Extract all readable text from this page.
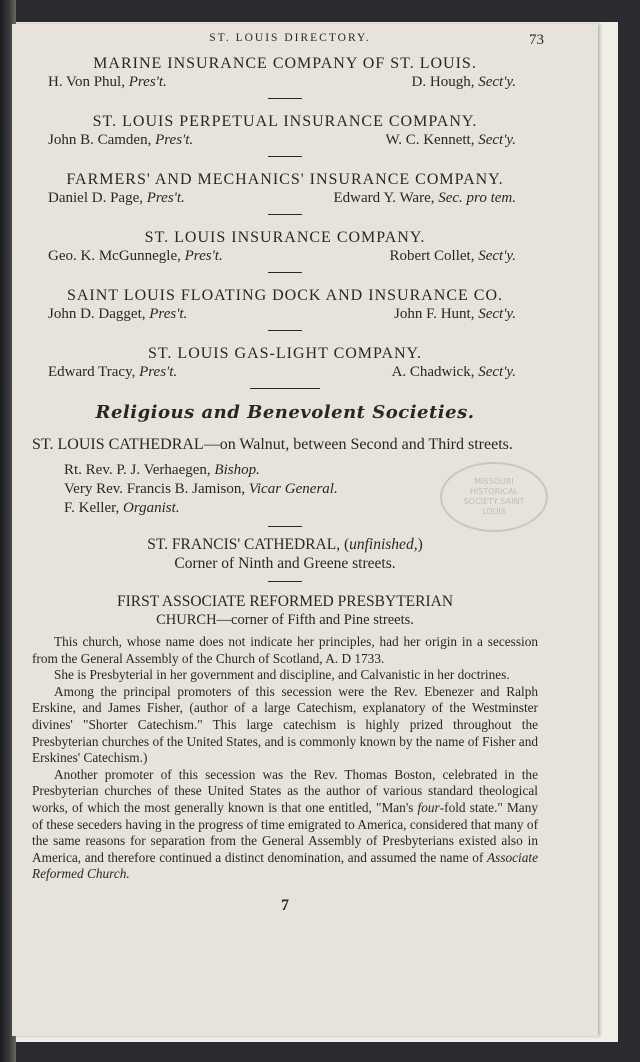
ST. LOUIS DIRECTORY.	73
MARINE INSURANCE COMPANY OF ST. LOUIS.
H. Von Phul, Pres't.	D. Hough, Sect'y.
ST. LOUIS PERPETUAL INSURANCE COMPANY.
John B. Camden, Pres't.	W. C. Kennett, Sect'y.
FARMERS' AND MECHANICS' INSURANCE COMPANY.
Daniel D. Page, Pres't.	Edward Y. Ware, Sec. pro tem.
ST. LOUIS INSURANCE COMPANY.
Geo. K. McGunnegle, Pres't.	Robert Collet, Sect'y.
SAINT LOUIS FLOATING DOCK AND INSURANCE CO.
John D. Dagget, Pres't.	John F. Hunt, Sect'y.
ST. LOUIS GAS-LIGHT COMPANY.
Edward Tracy, Pres't.	A. Chadwick, Sect'y.
Religious and Benevolent Societies.
ST. LOUIS CATHEDRAL—on Walnut, between Second and Third streets.
Rt. Rev. P. J. Verhaegen, Bishop.
Very Rev. Francis B. Jamison, Vicar General.
F. Keller, Organist.
ST. FRANCIS' CATHEDRAL, (unfinished,)
Corner of Ninth and Greene streets.
FIRST ASSOCIATE REFORMED PRESBYTERIAN
CHURCH—corner of Fifth and Pine streets.

This church, whose name does not indicate her principles, had her origin in a secession from the General Assembly of the Church of Scotland, A. D 1733.

She is Presbyterial in her government and discipline, and Calvanistic in her doctrines.

Among the principal promoters of this secession were the Rev. Ebenezer and Ralph Erskine, and James Fisher, (author of a large Catechism, explanatory of the Westminster divines' "Shorter Catechism." This large catechism is highly prized throughout the Presbyterian churches of the United States, and is commonly known by the name of Fisher and Erskines' Catechism.)

Another promoter of this secession was the Rev. Thomas Boston, celebrated in the Presbyterian churches of these United States as the author of various standard theological works, of which the most generally known is that one entitled, "Man's four-fold state." Many of these seceders having in the progress of time emigrated to America, considered that many of the same reasons for separation from the General Assembly of Presbyterians existed also in America, and therefore continued a distinct denomination, and assumed the name of Associate Reformed Church.

7
MISSOURI HISTORICAL SOCIETY SAINT LOUIS
